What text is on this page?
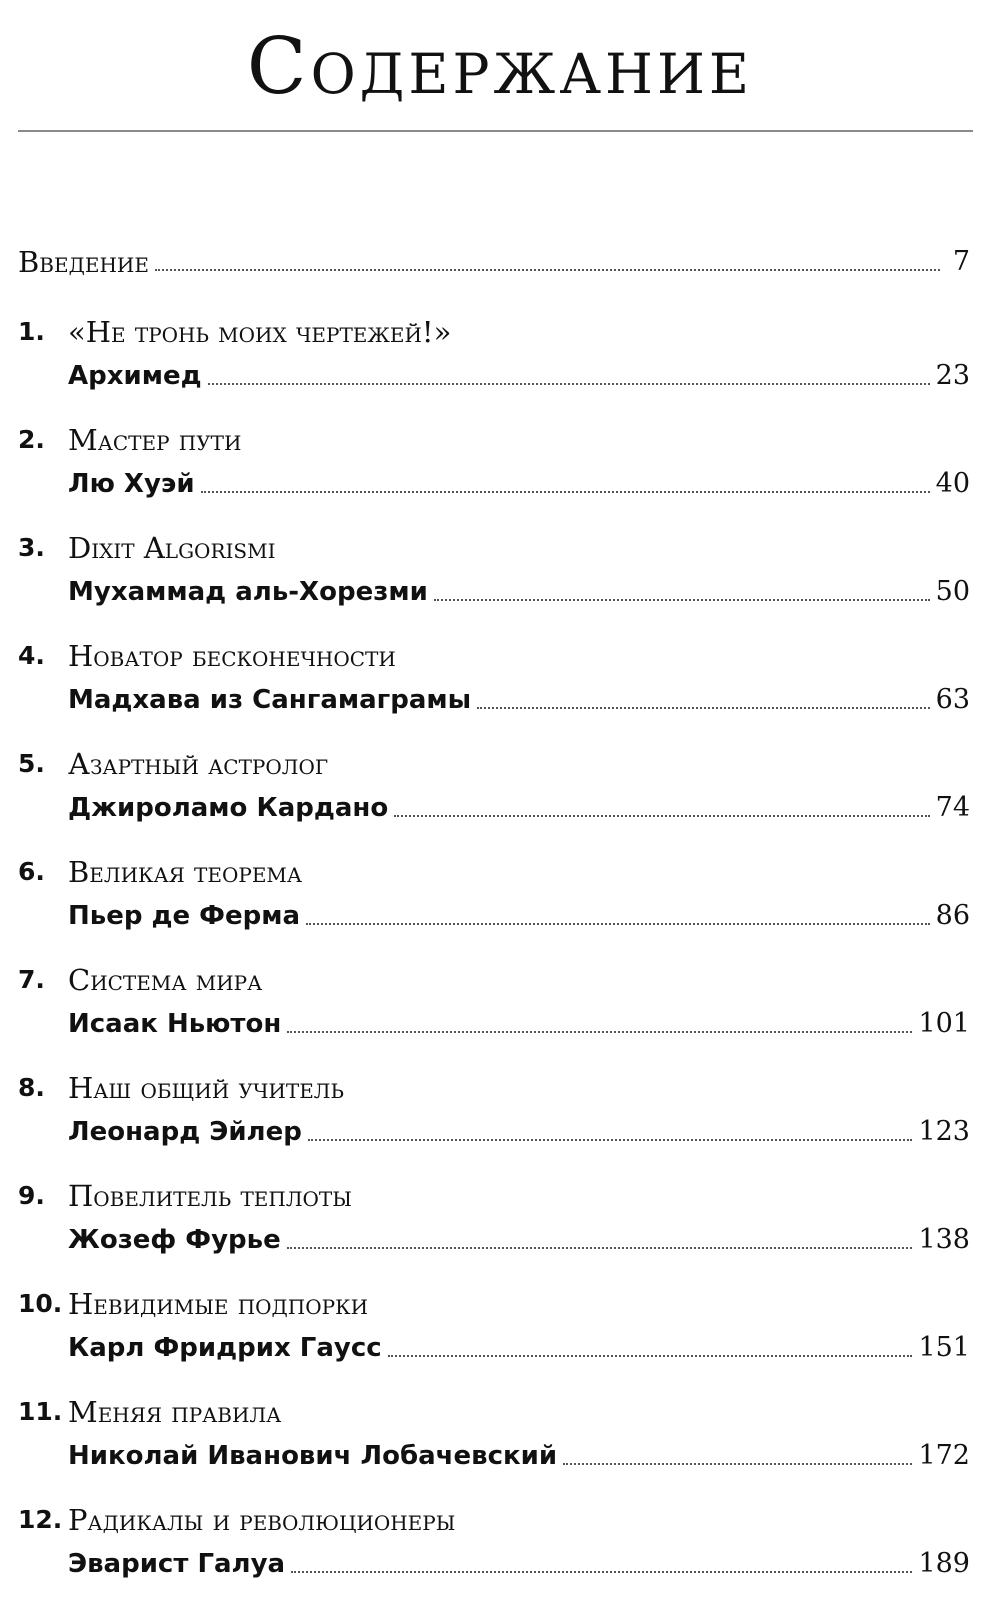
Содержание
Введение	7
1. «Не тронь моих чертежей!»
Архимед	23
2. Мастер пути
Лю Хуэй	40
3. Dixit Algorismi
Мухаммад аль-Хорезми	50
4. Новатор бесконечности
Мадхава из Сангамаграмы	63
5. Азартный астролог
Джироламо Кардано	74
6. Великая теорема
Пьер де Ферма	86
7. Система мира
Исаак Ньютон	101
8. Наш общий учитель
Леонард Эйлер	123
9. Повелитель теплоты
Жозеф Фурье	138
10. Невидимые подпорки
Карл Фридрих Гаусс	151
11. Меняя правила
Николай Иванович Лобачевский	172
12. Радикалы и революционеры
Эварист Галуа	189
